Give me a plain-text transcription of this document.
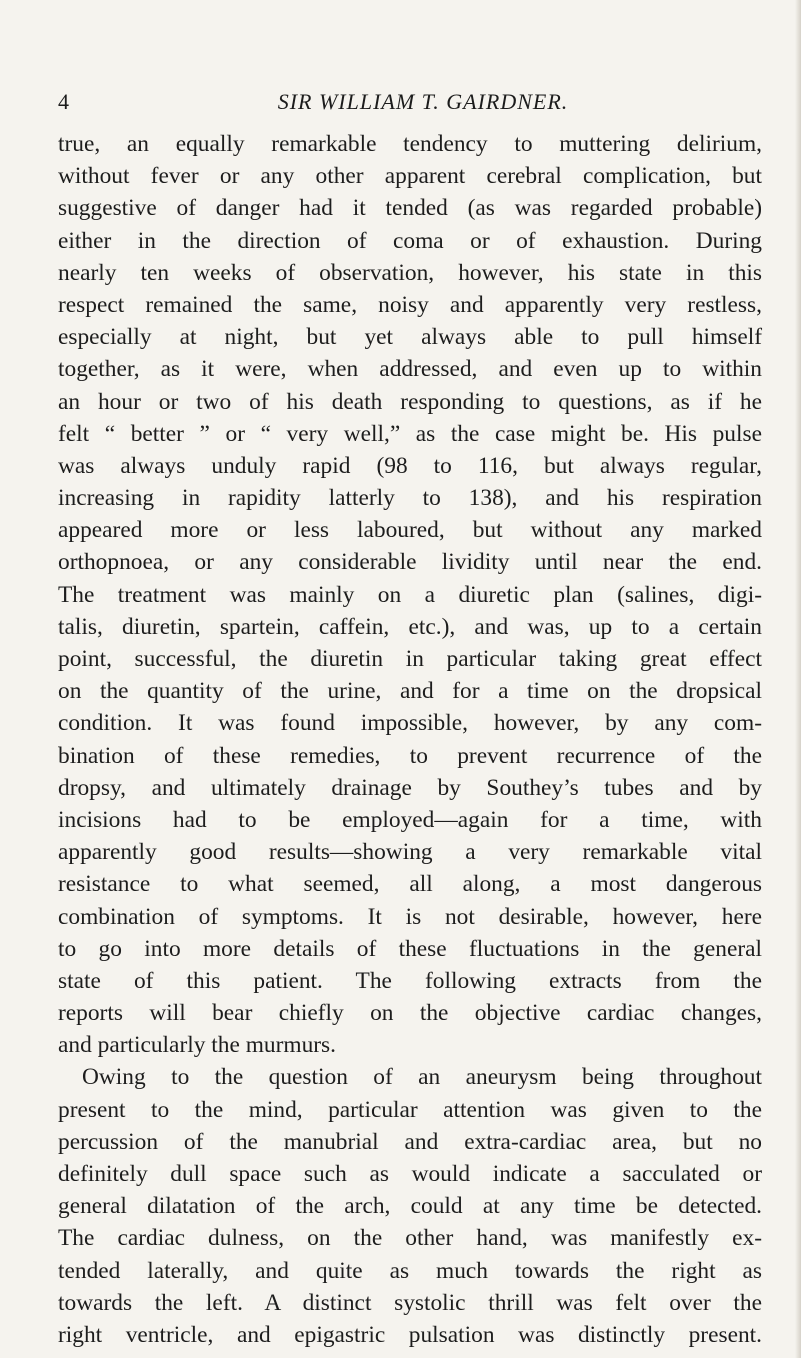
4	SIR WILLIAM T. GAIRDNER.
true, an equally remarkable tendency to muttering delirium,
without fever or any other apparent cerebral complication, but
suggestive of danger had it tended (as was regarded probable)
either in the direction of coma or of exhaustion. During
nearly ten weeks of observation, however, his state in this
respect remained the same, noisy and apparently very restless,
especially at night, but yet always able to pull himself
together, as it were, when addressed, and even up to within
an hour or two of his death responding to questions, as if he
felt “ better ” or “ very well,” as the case might be. His pulse
was always unduly rapid (98 to 116, but always regular,
increasing in rapidity latterly to 138), and his respiration
appeared more or less laboured, but without any marked
orthopnoea, or any considerable lividity until near the end.
The treatment was mainly on a diuretic plan (salines, digi-
talis, diuretin, spartein, caffein, etc.), and was, up to a certain
point, successful, the diuretin in particular taking great effect
on the quantity of the urine, and for a time on the dropsical
condition. It was found impossible, however, by any com-
bination of these remedies, to prevent recurrence of the
dropsy, and ultimately drainage by Southey’s tubes and by
incisions had to be employed—again for a time, with
apparently good results—showing a very remarkable vital
resistance to what seemed, all along, a most dangerous
combination of symptoms. It is not desirable, however, here
to go into more details of these fluctuations in the general
state of this patient. The following extracts from the
reports will bear chiefly on the objective cardiac changes,
and particularly the murmurs.
Owing to the question of an aneurysm being throughout
present to the mind, particular attention was given to the
percussion of the manubrial and extra-cardiac area, but no
definitely dull space such as would indicate a sacculated or
general dilatation of the arch, could at any time be detected.
The cardiac dulness, on the other hand, was manifestly ex-
tended laterally, and quite as much towards the right as
towards the left. A distinct systolic thrill was felt over the
right ventricle, and epigastric pulsation was distinctly present.
